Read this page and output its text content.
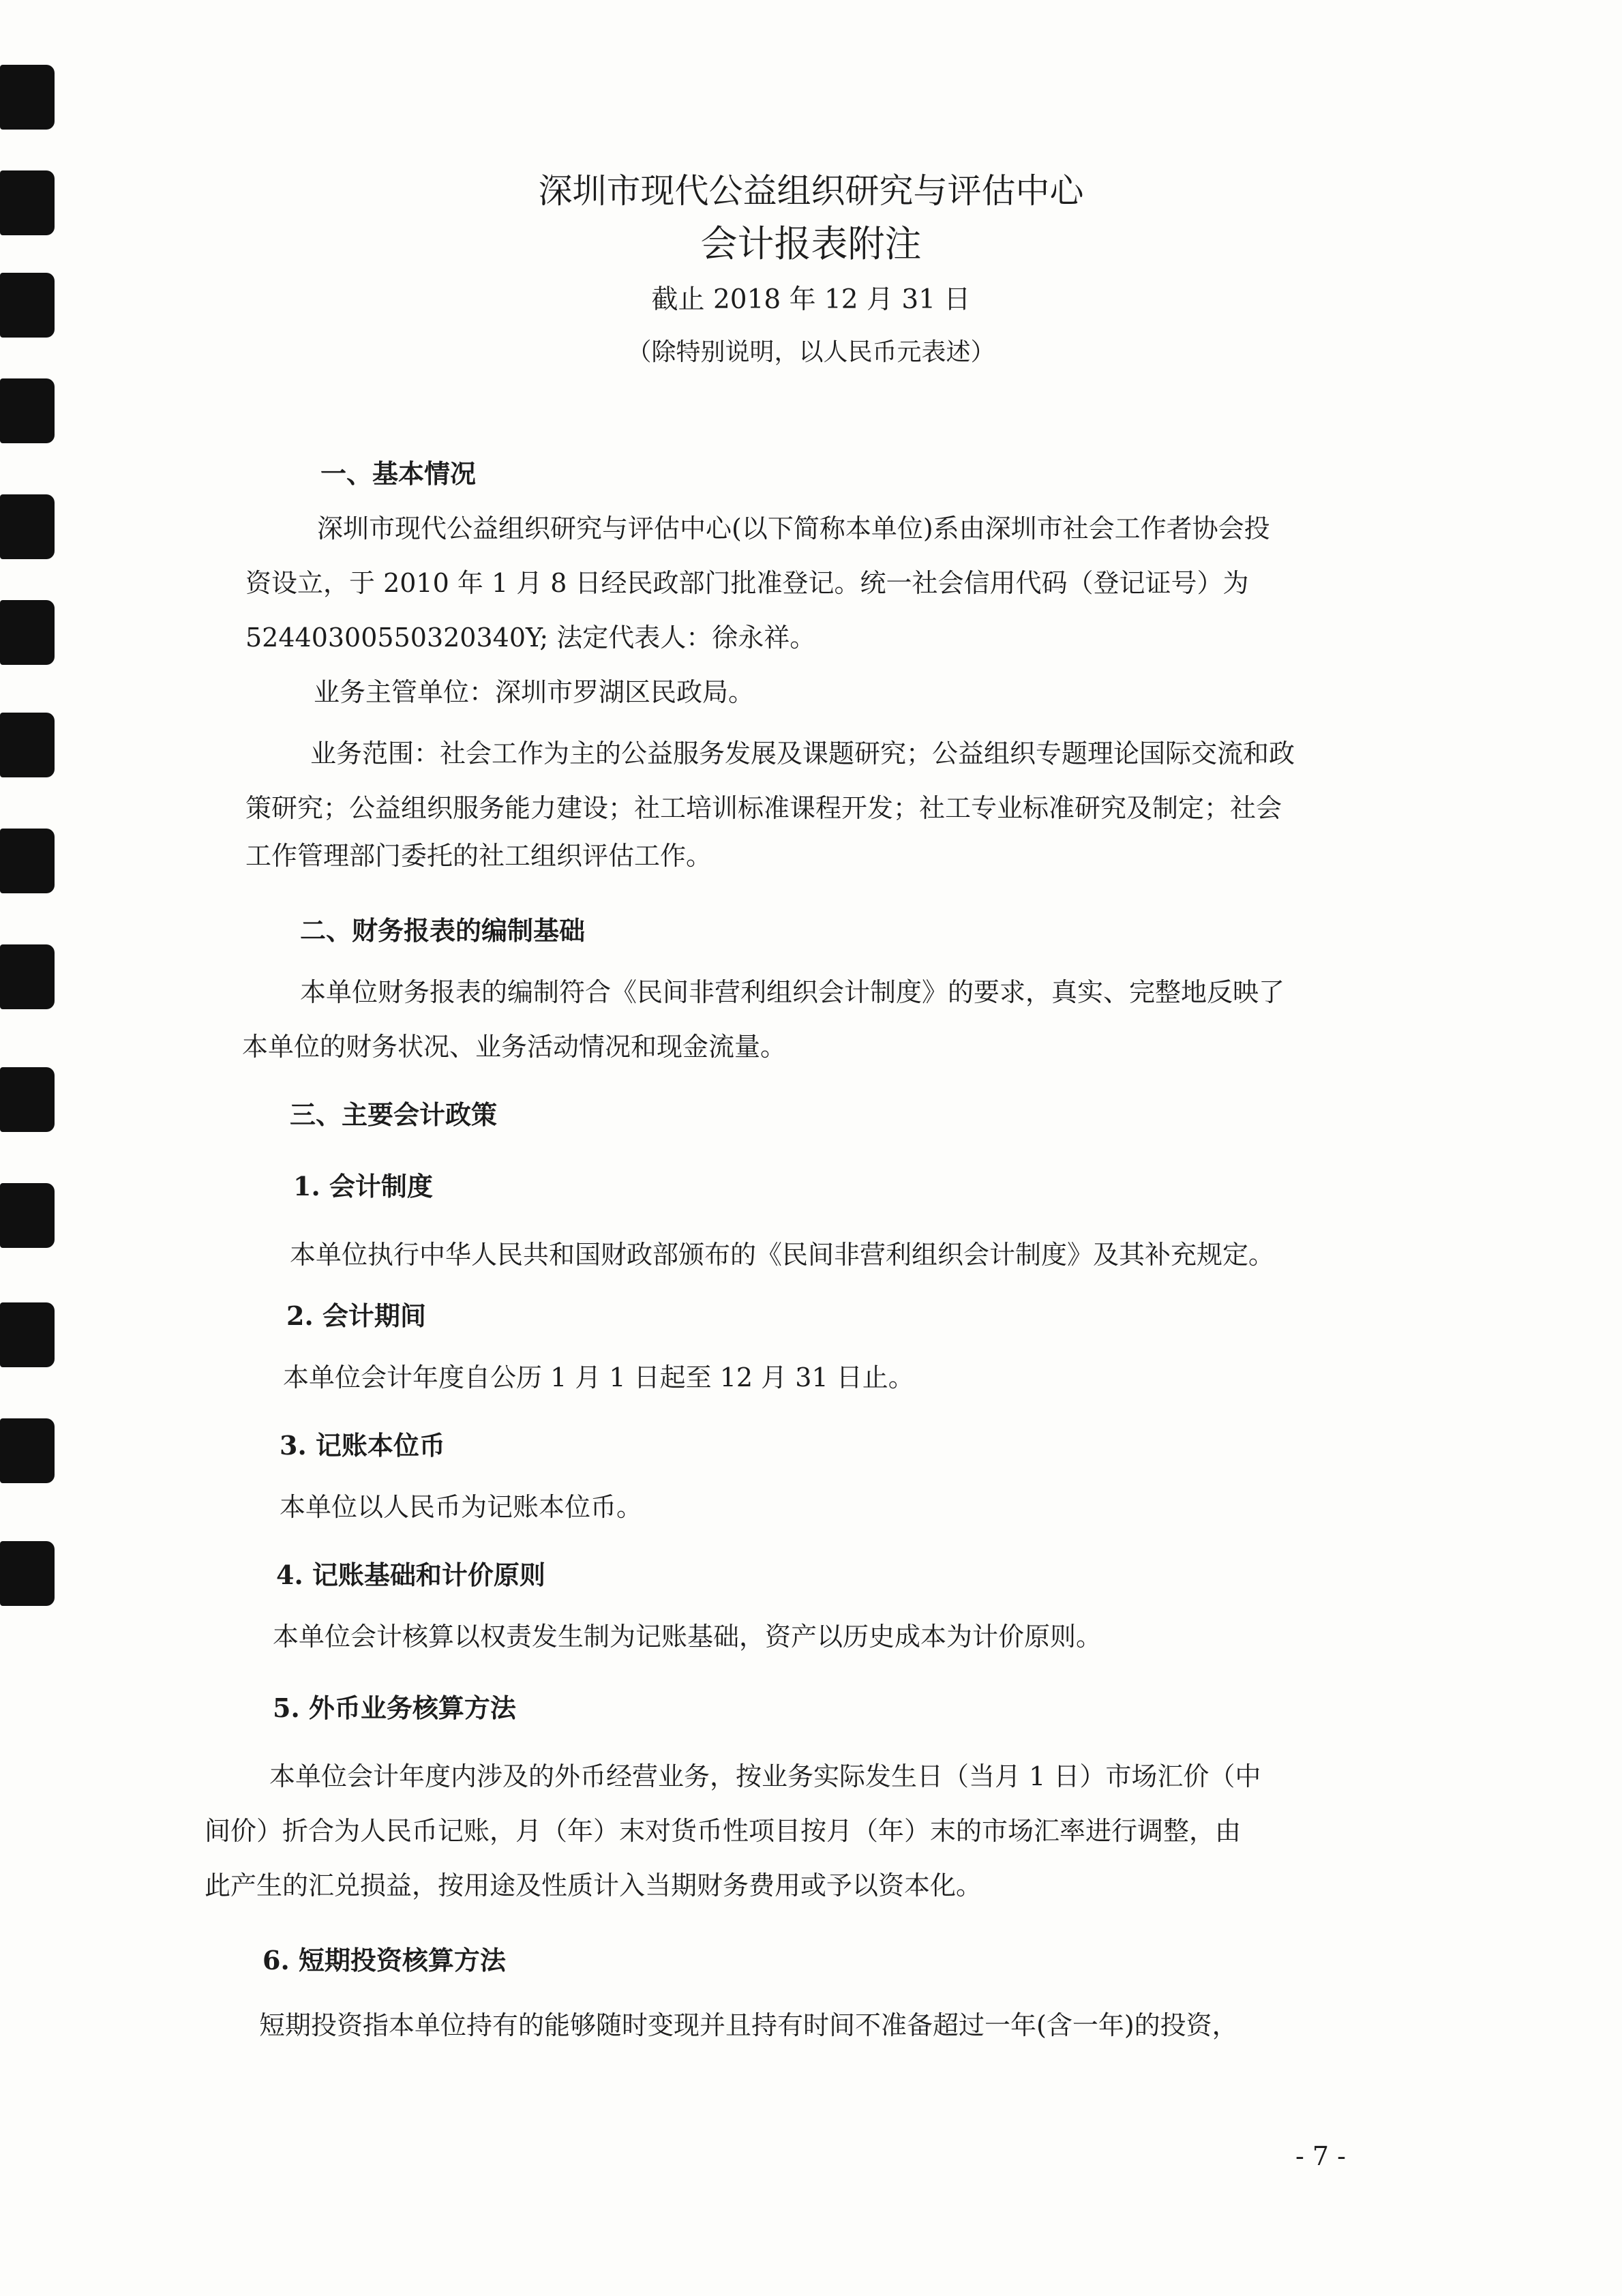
深圳市现代公益组织研究与评估中心
会计报表附注
截止 2018 年 12 月 31 日
（除特别说明，以人民币元表述）
一、基本情况
深圳市现代公益组织研究与评估中心(以下简称本单位)系由深圳市社会工作者协会投
资设立，于 2010 年 1 月 8 日经民政部门批准登记。统一社会信用代码（登记证号）为
52440300550320340Y; 法定代表人：徐永祥。
业务主管单位：深圳市罗湖区民政局。
业务范围：社会工作为主的公益服务发展及课题研究；公益组织专题理论国际交流和政
策研究；公益组织服务能力建设；社工培训标准课程开发；社工专业标准研究及制定；社会
工作管理部门委托的社工组织评估工作。
二、财务报表的编制基础
本单位财务报表的编制符合《民间非营利组织会计制度》的要求，真实、完整地反映了
本单位的财务状况、业务活动情况和现金流量。
三、主要会计政策
1. 会计制度
本单位执行中华人民共和国财政部颁布的《民间非营利组织会计制度》及其补充规定。
2. 会计期间
本单位会计年度自公历 1 月 1 日起至 12 月 31 日止。
3. 记账本位币
本单位以人民币为记账本位币。
4. 记账基础和计价原则
本单位会计核算以权责发生制为记账基础，资产以历史成本为计价原则。
5. 外币业务核算方法
本单位会计年度内涉及的外币经营业务，按业务实际发生日（当月 1 日）市场汇价（中
间价）折合为人民币记账，月（年）末对货币性项目按月（年）末的市场汇率进行调整，由
此产生的汇兑损益，按用途及性质计入当期财务费用或予以资本化。
6. 短期投资核算方法
短期投资指本单位持有的能够随时变现并且持有时间不准备超过一年(含一年)的投资，
- 7 -
